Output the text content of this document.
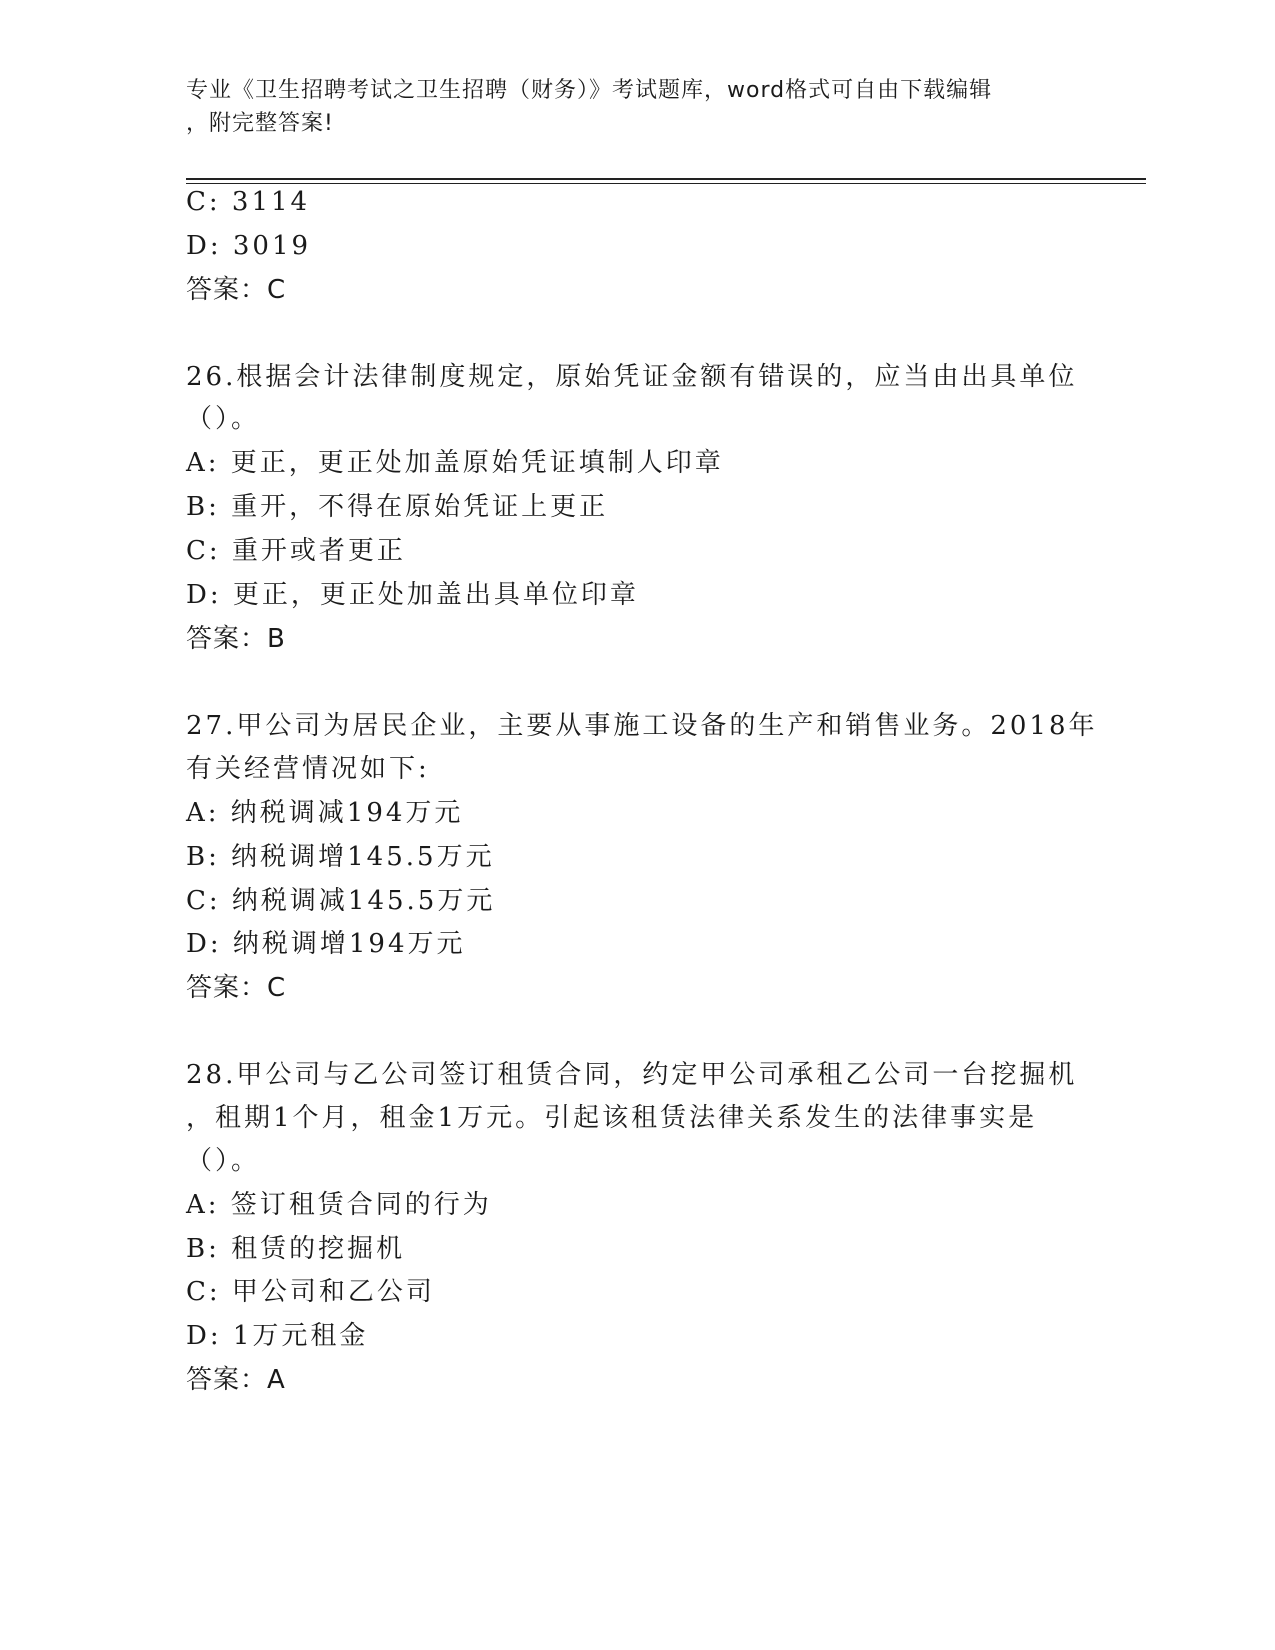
专业《卫生招聘考试之卫生招聘（财务）》考试题库，word格式可自由下载编辑
，附完整答案!
C: 3114
D: 3019
答案：C
26.根据会计法律制度规定，原始凭证金额有错误的，应当由出具单位
（）。
A: 更正，更正处加盖原始凭证填制人印章
B: 重开，不得在原始凭证上更正
C: 重开或者更正
D: 更正，更正处加盖出具单位印章
答案：B
27.甲公司为居民企业，主要从事施工设备的生产和销售业务。2018年
有关经营情况如下:
A: 纳税调减194万元
B: 纳税调增145.5万元
C: 纳税调减145.5万元
D: 纳税调增194万元
答案：C
28.甲公司与乙公司签订租赁合同，约定甲公司承租乙公司一台挖掘机
，租期1个月，租金1万元。引起该租赁法律关系发生的法律事实是
（）。
A: 签订租赁合同的行为
B: 租赁的挖掘机
C: 甲公司和乙公司
D: 1万元租金
答案：A
